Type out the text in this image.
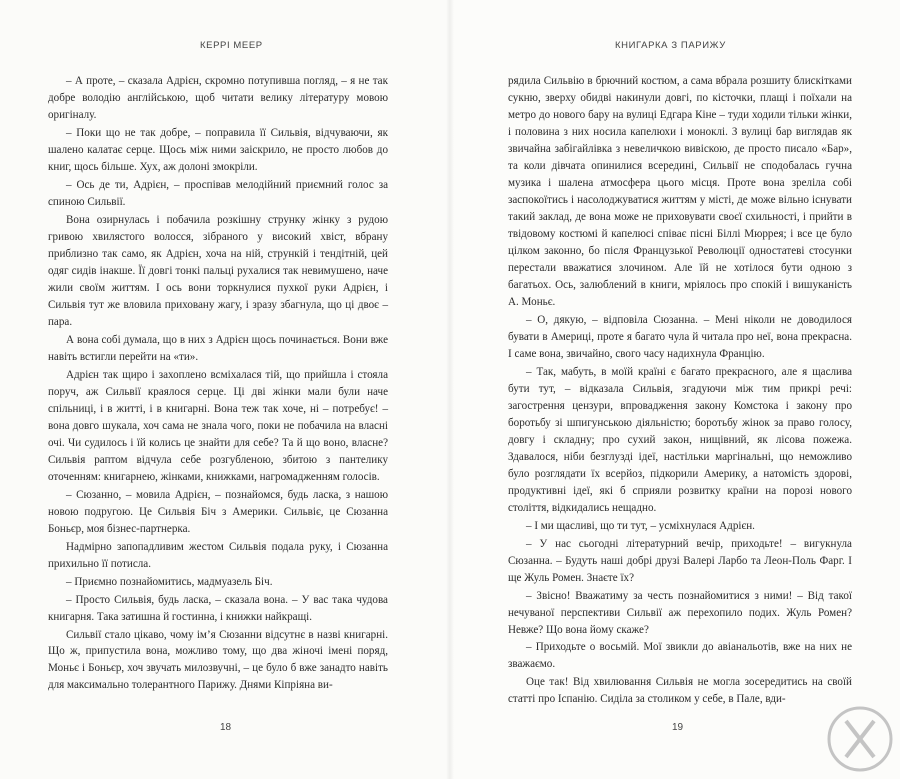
КЕРРІ МЕЕР

– А проте, – сказала Адрієн, скромно потупивша погляд, – я не так добре володію англійською, щоб читати велику літературу мовою оригіналу.

– Поки що не так добре, – поправила її Сильвія, відчуваючи, як шалено калатає серце. Щось між ними заіскрило, не просто любов до книг, щось більше. Хух, аж долоні змокріли.

– Ось де ти, Адрієн, – проспівав мелодійний приємний голос за спиною Сильвії.

Вона озирнулась і побачила розкішну струнку жінку з рудою гривою хвилястого волосся, зібраного у високий хвіст, вбрану приблизно так само, як Адрієн, хоча на ній, стрункій і тендітній, цей одяг сидів інакше. Її довгі тонкі пальці рухалися так невимушено, наче жили своїм життям. І ось вони торкнулися пухкої руки Адрієн, і Сильвія тут же вловила приховану жагу, і зразу збагнула, що ці двоє – пара.

А вона собі думала, що в них з Адрієн щось починається. Вони вже навіть встигли перейти на «ти».

Адрієн так щиро і захоплено всміхалася тій, що прийшла і стояла поруч, аж Сильвії краялося серце. Ці дві жінки мали були наче спільниці, і в житті, і в книгарні. Вона теж так хоче, ні – потребує! – вона довго шукала, хоч сама не знала чого, поки не побачила на власні очі. Чи судилось і їй колись це знайти для себе? Та й що воно, власне? Сильвія раптом відчула себе розгубленою, збитою з пантелику оточенням: книгарнею, жінками, книжками, нагромадженням голосів.

– Сюзанно, – мовила Адрієн, – познайомся, будь ласка, з нашою новою подругою. Це Сильвія Біч з Америки. Сильвіє, це Сюзанна Боньєр, моя бізнес-партнерка.

Надмірно запопадливим жестом Сильвія подала руку, і Сюзанна прихильно її потисла.

– Приємно познайомитись, мадмуазель Біч.

– Просто Сильвія, будь ласка, – сказала вона. – У вас така чудова книгарня. Така затишна й гостинна, і книжки найкращі.

Сильвії стало цікаво, чому ім’я Сюзанни відсутнє в назві книгарні. Що ж, припустила вона, можливо тому, що два жіночі імені поряд, Моньє і Боньєр, хоч звучать милозвучні, – це було б вже занадто навіть для максимально толерантного Парижу. Днями Кіпріяна ви-

18
КНИГАРКА З ПАРИЖУ

рядила Сильвію в брючний костюм, а сама вбрала розшиту блискітками сукню, зверху обидві накинули довгі, по кісточки, плащі і поїхали на метро до нового бару на вулиці Едгара Кіне – туди ходили тільки жінки, і половина з них носила капелюхи і моноклі. З вулиці бар виглядав як звичайна забігайлівка з невеличкою вивіскою, де просто писало «Бар», та коли дівчата опинилися всередині, Сильвії не сподобалась гучна музика і шалена атмосфера цього місця. Проте вона зреліла собі заспокоїтись і насолоджуватися життям у місті, де може вільно існувати такий заклад, де вона може не приховувати своєї схильності, і прийти в твідовому костюмі й капелюсі співає пісні Біллі Мюррея; і все це було цілком законно, бо після Французької Революції одностатеві стосунки перестали вважатися злочином. Але їй не хотілося бути одною з багатьох. Ось, залюблений в книги, мріялось про спокій і вишуканість А. Моньє.

– О, дякую, – відповіла Сюзанна. – Мені ніколи не доводилося бувати в Америці, проте я багато чула й читала про неї, вона прекрасна. І саме вона, звичайно, свого часу надихнула Францію.

– Так, мабуть, в моїй країні є багато прекрасного, але я щаслива бути тут, – відказала Сильвія, згадуючи між тим прикрі речі: загострення цензури, впровадження закону Комстока і закону про боротьбу зі шпигунською діяльністю; боротьбу жінок за право голосу, довгу і складну; про сухий закон, нищівний, як лісова пожежа. Здавалося, ніби безглузді ідеї, настільки маргінальні, що неможливо було розглядати їх всерйоз, підкорили Америку, а натомість здорові, продуктивні ідеї, які б сприяли розвитку країни на порозі нового століття, відкидались нещадно.

– І ми щасливі, що ти тут, – усміхнулася Адрієн.

– У нас сьогодні літературний вечір, приходьте! – вигукнула Сюзанна. – Будуть наші добрі друзі Валері Ларбо та Леон-Поль Фарг. І ще Жуль Ромен. Знаєте їх?

– Звісно! Вважатиму за честь познайомитися з ними! – Від такої нечуваної перспективи Сильвії аж перехопило подих. Жуль Ромен? Невже? Що вона йому скаже?

– Приходьте о восьмій. Мої звикли до авіанальотів, вже на них не зважаємо.

Оце так! Від хвилювання Сильвія не могла зосередитись на своїй статті про Іспанію. Сиділа за столиком у себе, в Пале, вди-

19
